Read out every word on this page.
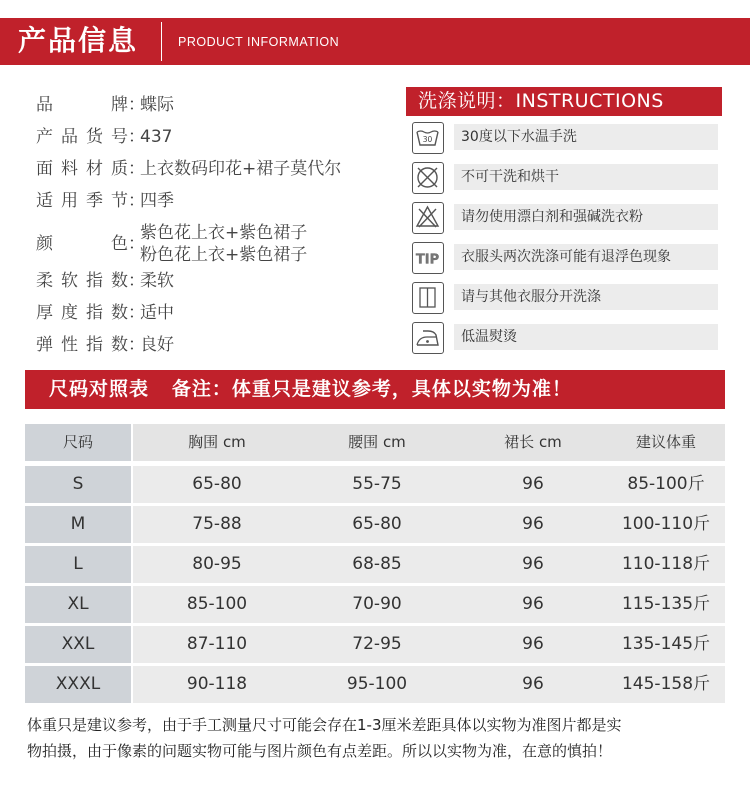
产品信息	PRODUCT INFORMATION
品	牌 ：
蝶际
产 品 货 号 ：
437
面 料 材 质 ：
上衣数码印花+裙子莫代尔
适 用 季 节 ：
四季
颜	色 ：
紫色花上衣+紫色裙子
粉色花上衣+紫色裙子
柔 软 指 数 ：
柔软
厚 度 指 数 ：
适中
弹 性 指 数 ：
良好
洗涤说明：INSTRUCTIONS
30 30度以下水温手洗
不可干洗和烘干
请勿使用漂白剂和强碱洗衣粉
TIP 衣服头两次洗涤可能有退浮色现象
请与其他衣服分开洗涤
低温熨烫
尺码对照表   备注：体重只是建议参考，具体以实物为准！
尺码	胸围 cm	腰围 cm	裙长 cm	建议体重
S	65-80	55-75	96	85-100斤
M	75-88	65-80	96	100-110斤
L	80-95	68-85	96	110-118斤
XL	85-100	70-90	96	115-135斤
XXL	87-110	72-95	96	135-145斤
XXXL	90-118	95-100	96	145-158斤
体重只是建议参考，由于手工测量尺寸可能会存在1-3厘米差距具体以实物为准图片都是实
物拍摄，由于像素的问题实物可能与图片颜色有点差距。所以以实物为准，在意的慎拍！
